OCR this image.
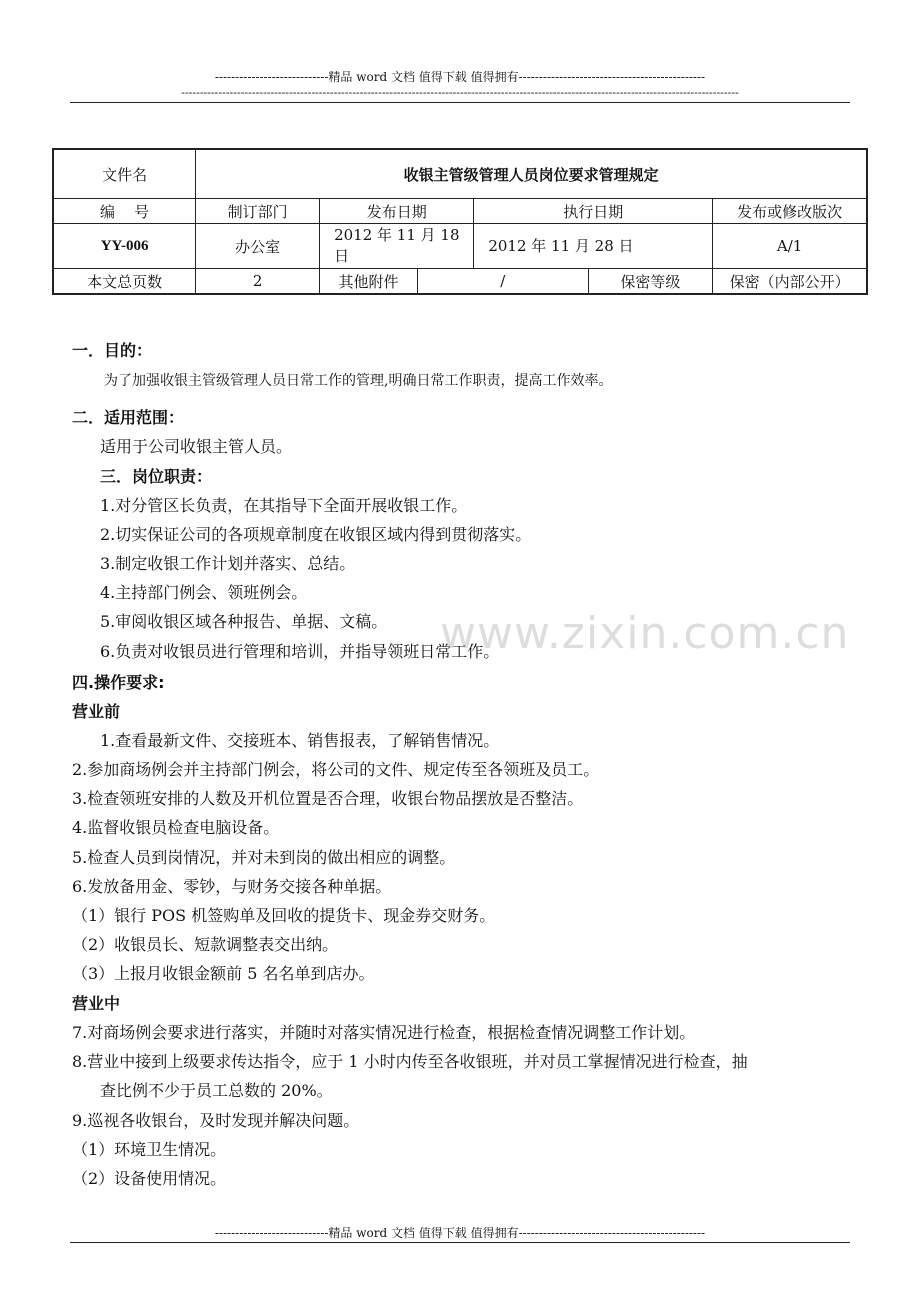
----------------------------精品 word 文档 值得下载 值得拥有----------------------------------------------
------------------------------------------------------------------------------------------------------------------------------------------------------
文件名	收银主管级管理人员岗位要求管理规定					
编    号	制订部门	发布日期		执行日期		发布或修改版次
YY-006	办公室	2012 年 11 月 18 日		2012 年 11 月 28 日		A/1
本文总页数	2	其他附件	/		保密等级	保密（内部公开）
一．目的：
为了加强收银主管级管理人员日常工作的管理,明确日常工作职责，提高工作效率。
二．适用范围：
适用于公司收银主管人员。
三．岗位职责：
1.对分管区长负责，在其指导下全面开展收银工作。
2.切实保证公司的各项规章制度在收银区域内得到贯彻落实。
3.制定收银工作计划并落实、总结。
4.主持部门例会、领班例会。
5.审阅收银区域各种报告、单据、文稿。
6.负责对收银员进行管理和培训，并指导领班日常工作。
四.操作要求:
营业前
1.查看最新文件、交接班本、销售报表，了解销售情况。
2.参加商场例会并主持部门例会，将公司的文件、规定传至各领班及员工。
3.检查领班安排的人数及开机位置是否合理，收银台物品摆放是否整洁。
4.监督收银员检查电脑设备。
5.检查人员到岗情况，并对未到岗的做出相应的调整。
6.发放备用金、零钞，与财务交接各种单据。
（1）银行 POS 机签购单及回收的提货卡、现金券交财务。
（2）收银员长、短款调整表交出纳。
（3）上报月收银金额前 5 名名单到店办。
营业中
7.对商场例会要求进行落实，并随时对落实情况进行检查，根据检查情况调整工作计划。
8.营业中接到上级要求传达指令，应于 1 小时内传至各收银班，并对员工掌握情况进行检查，抽
查比例不少于员工总数的 20%。
9.巡视各收银台，及时发现并解决问题。
（1）环境卫生情况。
（2）设备使用情况。
www.zixin.com.cn
----------------------------精品 word 文档 值得下载 值得拥有----------------------------------------------
